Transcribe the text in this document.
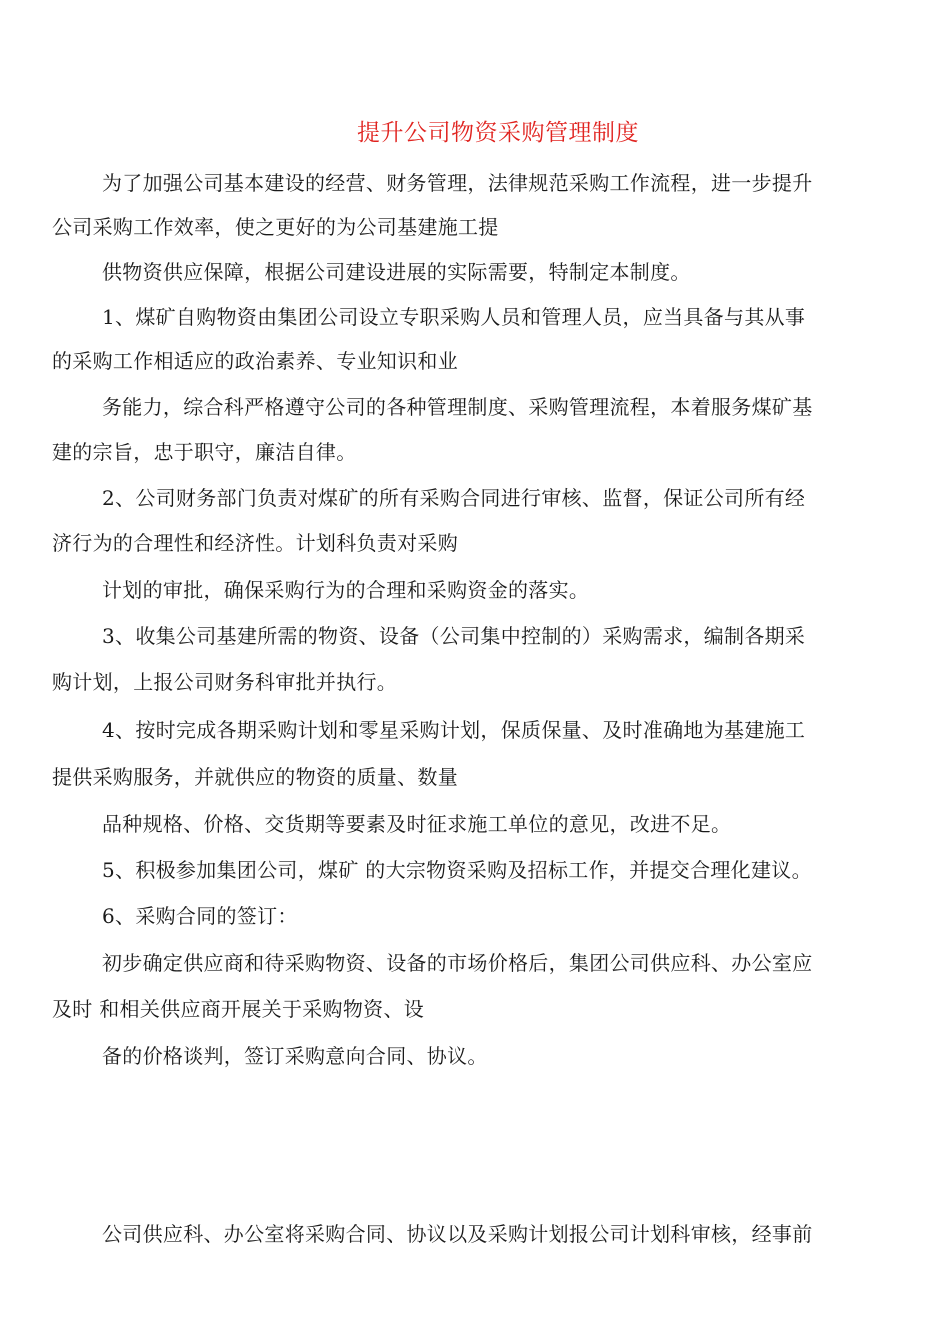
提升公司物资采购管理制度
为了加强公司基本建设的经营、财务管理，法律规范采购工作流程，进一步提升
公司采购工作效率，使之更好的为公司基建施工提
供物资供应保障，根据公司建设进展的实际需要，特制定本制度。
1、煤矿自购物资由集团公司设立专职采购人员和管理人员，应当具备与其从事
的采购工作相适应的政治素养、专业知识和业
务能力，综合科严格遵守公司的各种管理制度、采购管理流程，本着服务煤矿基
建的宗旨，忠于职守，廉洁自律。
2、公司财务部门负责对煤矿的所有采购合同进行审核、监督，保证公司所有经
济行为的合理性和经济性。计划科负责对采购
计划的审批，确保采购行为的合理和采购资金的落实。
3、收集公司基建所需的物资、设备（公司集中控制的）采购需求，编制各期采
购计划，上报公司财务科审批并执行。
4、按时完成各期采购计划和零星采购计划，保质保量、及时准确地为基建施工
提供采购服务，并就供应的物资的质量、数量
品种规格、价格、交货期等要素及时征求施工单位的意见，改进不足。
5、积极参加集团公司，煤矿 的大宗物资采购及招标工作，并提交合理化建议。
6、采购合同的签订：
初步确定供应商和待采购物资、设备的市场价格后，集团公司供应科、办公室应
及时 和相关供应商开展关于采购物资、设
备的价格谈判，签订采购意向合同、协议。
公司供应科、办公室将采购合同、协议以及采购计划报公司计划科审核，经事前
